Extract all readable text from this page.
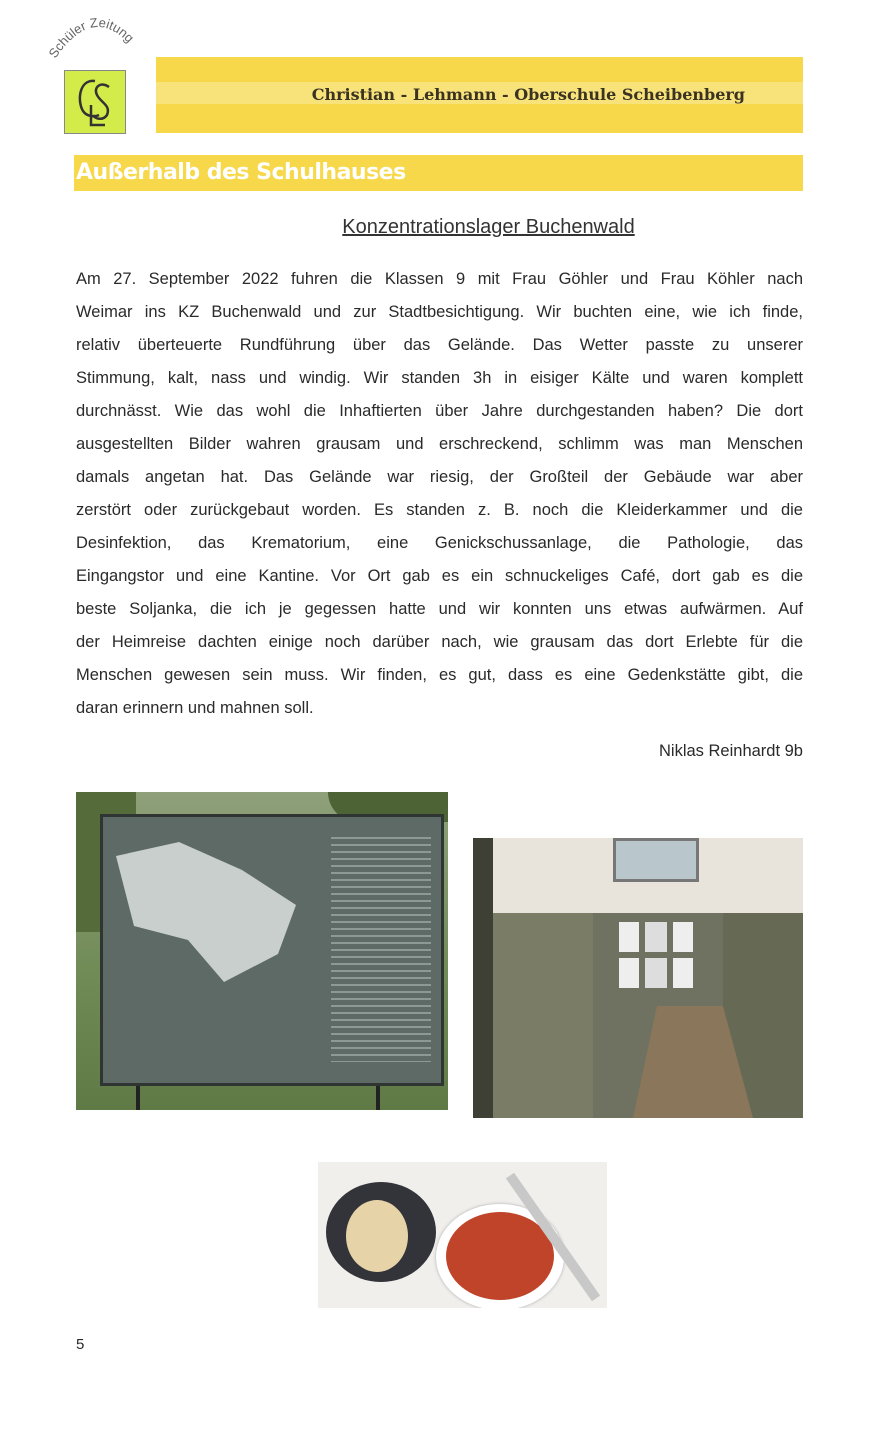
Schüler Zeitung
Christian - Lehmann - Oberschule Scheibenberg
Außerhalb des Schulhauses
Konzentrationslager Buchenwald
Am 27. September 2022 fuhren die Klassen 9 mit Frau Göhler und Frau Köhler nach
Weimar ins KZ Buchenwald und zur Stadtbesichtigung. Wir buchten eine, wie ich finde,
relativ überteuerte Rundführung über das Gelände. Das Wetter passte zu unserer
Stimmung, kalt, nass und windig. Wir standen 3h in eisiger Kälte und waren komplett
durchnässt. Wie das wohl die Inhaftierten über Jahre durchgestanden haben? Die dort
ausgestellten Bilder wahren grausam und erschreckend, schlimm was man Menschen
damals angetan hat. Das Gelände war riesig, der Großteil der Gebäude war aber
zerstört oder zurückgebaut worden. Es standen z. B. noch die Kleiderkammer und die
Desinfektion, das Krematorium, eine Genickschussanlage, die Pathologie, das
Eingangstor und eine Kantine. Vor Ort gab es ein schnuckeliges Café, dort gab es die
beste Soljanka, die ich je gegessen hatte und wir konnten uns etwas aufwärmen. Auf
der Heimreise dachten einige noch darüber nach, wie grausam das dort Erlebte für die
Menschen gewesen sein muss. Wir finden, es gut, dass es eine Gedenkstätte gibt, die
daran erinnern und mahnen soll.
Niklas Reinhardt 9b
5
